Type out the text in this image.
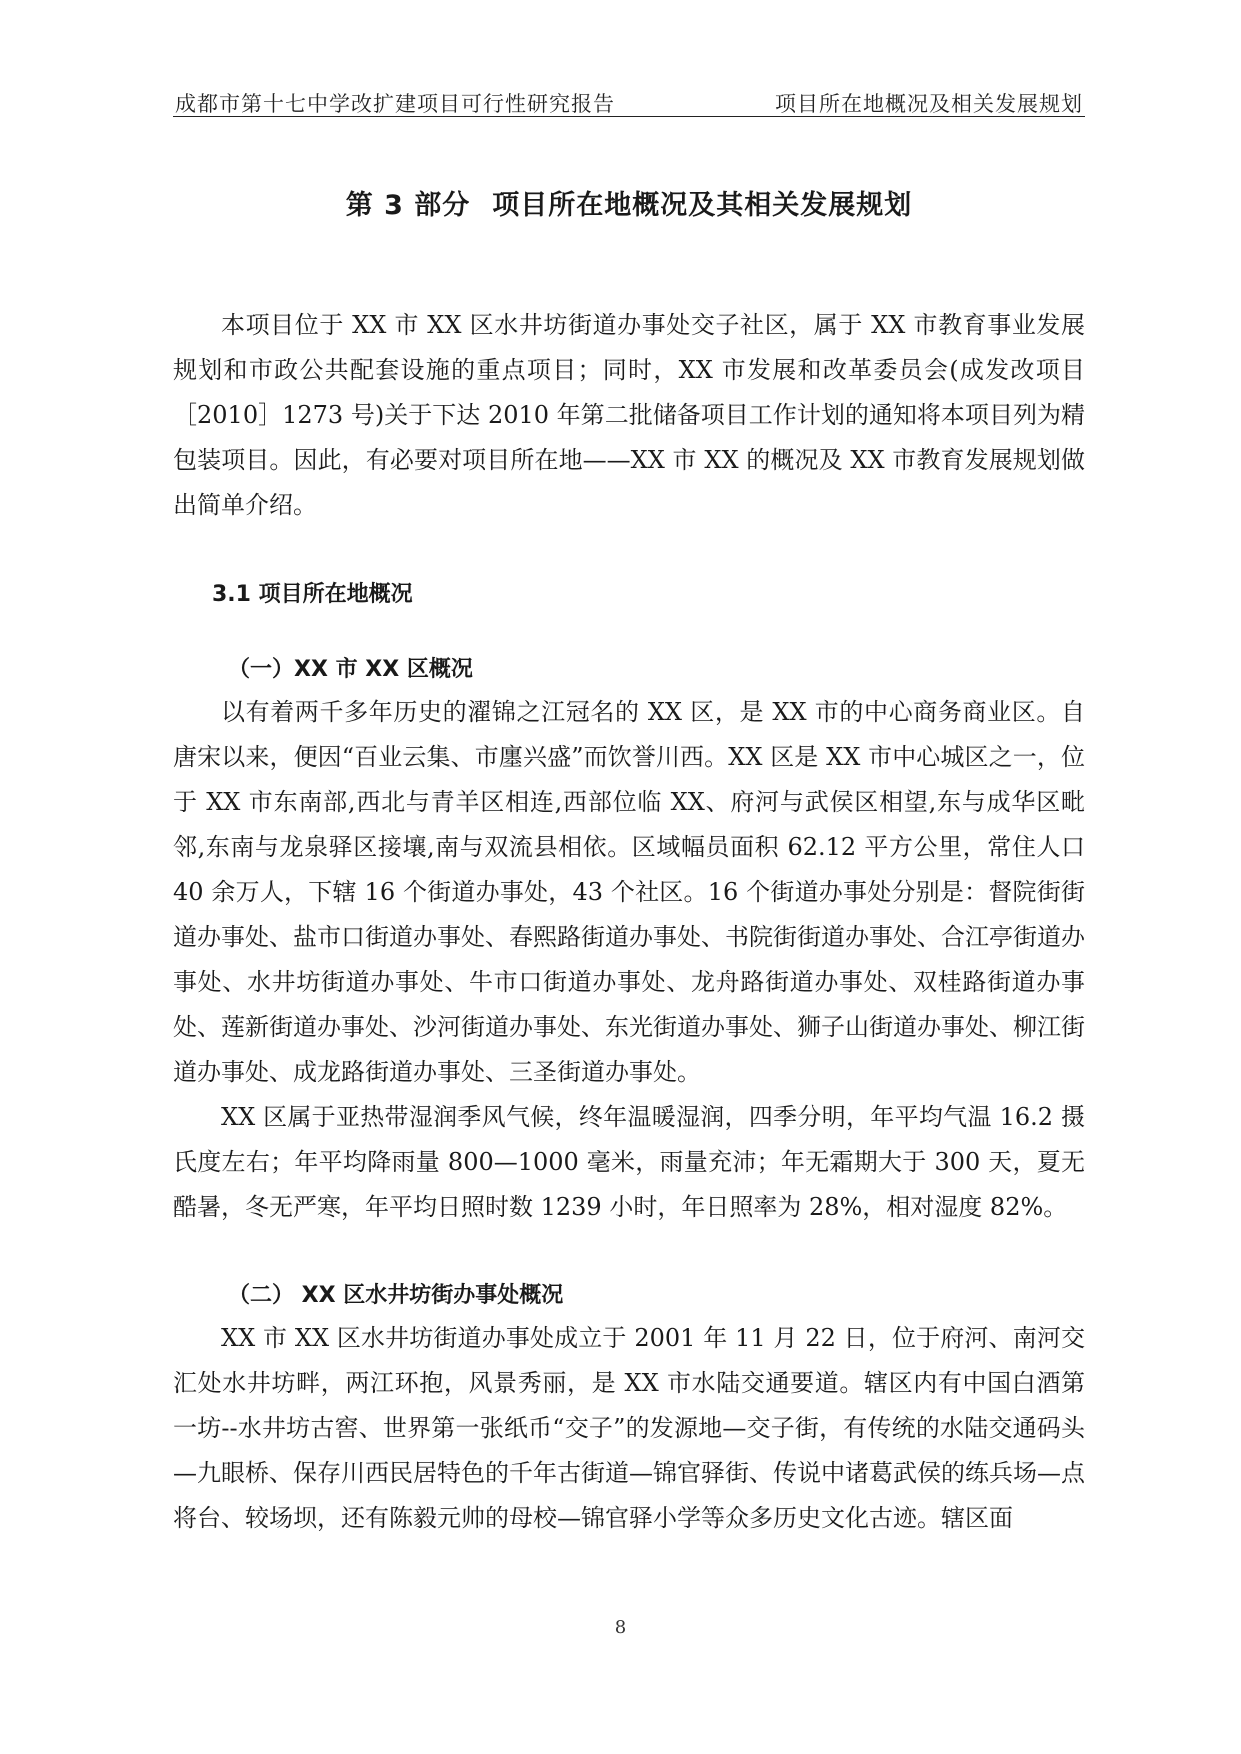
成都市第十七中学改扩建项目可行性研究报告	项目所在地概况及相关发展规划
第 3 部分 项目所在地概况及其相关发展规划

本项目位于 XX 市 XX 区水井坊街道办事处交子社区，属于 XX 市教育事业发展规划和市政公共配套设施的重点项目；同时，XX 市发展和改革委员会(成发改项目［2010］1273 号)关于下达 2010 年第二批储备项目工作计划的通知将本项目列为精包装项目。因此，有必要对项目所在地——XX 市 XX 的概况及 XX 市教育发展规划做出简单介绍。

3.1 项目所在地概况
（一）XX 市 XX 区概况

以有着两千多年历史的濯锦之江冠名的 XX 区，是 XX 市的中心商务商业区。自唐宋以来，便因“百业云集、市廛兴盛”而饮誉川西。XX 区是 XX 市中心城区之一，位于 XX 市东南部,西北与青羊区相连,西部位临 XX、府河与武侯区相望,东与成华区毗邻,东南与龙泉驿区接壤,南与双流县相依。区域幅员面积 62.12 平方公里，常住人口 40 余万人，下辖 16 个街道办事处，43 个社区。16 个街道办事处分别是：督院街街道办事处、盐市口街道办事处、春熙路街道办事处、书院街街道办事处、合江亭街道办事处、水井坊街道办事处、牛市口街道办事处、龙舟路街道办事处、双桂路街道办事处、莲新街道办事处、沙河街道办事处、东光街道办事处、狮子山街道办事处、柳江街道办事处、成龙路街道办事处、三圣街道办事处。

XX 区属于亚热带湿润季风气候，终年温暖湿润，四季分明，年平均气温 16.2 摄氏度左右；年平均降雨量 800—1000 毫米，雨量充沛；年无霜期大于 300 天，夏无酷暑，冬无严寒，年平均日照时数 1239 小时，年日照率为 28%，相对湿度 82%。

（二） XX 区水井坊街办事处概况

XX 市 XX 区水井坊街道办事处成立于 2001 年 11 月 22 日，位于府河、南河交汇处水井坊畔，两江环抱，风景秀丽，是 XX 市水陆交通要道。辖区内有中国白酒第一坊--水井坊古窖、世界第一张纸币“交子”的发源地—交子街，有传统的水陆交通码头—九眼桥、保存川西民居特色的千年古街道—锦官驿街、传说中诸葛武侯的练兵场—点将台、较场坝，还有陈毅元帅的母校—锦官驿小学等众多历史文化古迹。辖区面

8
